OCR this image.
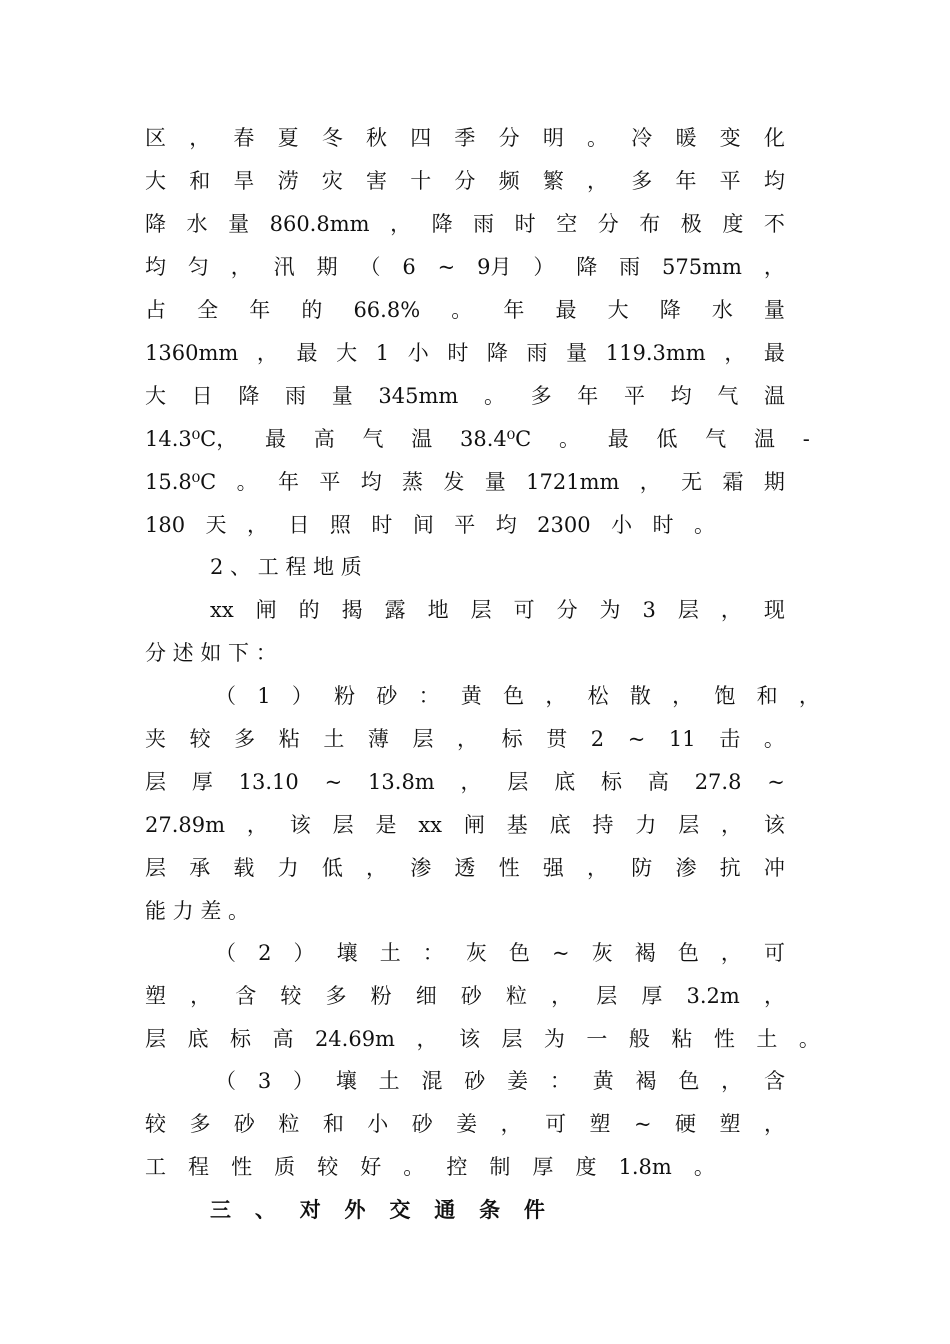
区 ， 春 夏 冬 秋 四 季 分 明 。 冷 暖 变 化
大 和 旱 涝 灾 害 十 分 频 繁 ， 多 年 平 均
降 水 量 860.8mm ， 降 雨 时 空 分 布 极 度 不
均 匀 ， 汛 期 （ 6 ~ 9月 ） 降 雨 575mm ，
占 全 年 的 66.8% 。 年 最 大 降 水 量
1360mm ， 最 大 1 小 时 降 雨 量 119.3mm ， 最
大 日 降 雨 量 345mm 。 多 年 平 均 气 温
14.3⁰C， 最 高 气 温 38.4⁰C 。 最 低 气 温 -
15.8⁰C 。 年 平 均 蒸 发 量 1721mm ， 无 霜 期
180 天 ， 日 照 时 间 平 均 2300 小 时 。
2 、 工 程 地 质
xx 闸 的 揭 露 地 层 可 分 为 3 层 ， 现
分 述 如 下 ：
（ 1 ） 粉 砂 ： 黄 色 ， 松 散 ， 饱 和 ，
夹 较 多 粘 土 薄 层 ， 标 贯 2 ~ 11 击 。
层 厚 13.10 ~ 13.8m ， 层 底 标 高 27.8 ~
27.89m ， 该 层 是 xx 闸 基 底 持 力 层 ， 该
层 承 载 力 低 ， 渗 透 性 强 ， 防 渗 抗 冲
能 力 差 。
（ 2 ） 壤 土 ： 灰 色 ~ 灰 褐 色 ， 可
塑 ， 含 较 多 粉 细 砂 粒 ， 层 厚 3.2m ，
层 底 标 高 24.69m ， 该 层 为 一 般 粘 性 土 。
（ 3 ） 壤 土 混 砂 姜 ： 黄 褐 色 ， 含
较 多 砂 粒 和 小 砂 姜 ， 可 塑 ~ 硬 塑 ，
工 程 性 质 较 好 。 控 制 厚 度 1.8m 。
三 、 对 外 交 通 条 件
